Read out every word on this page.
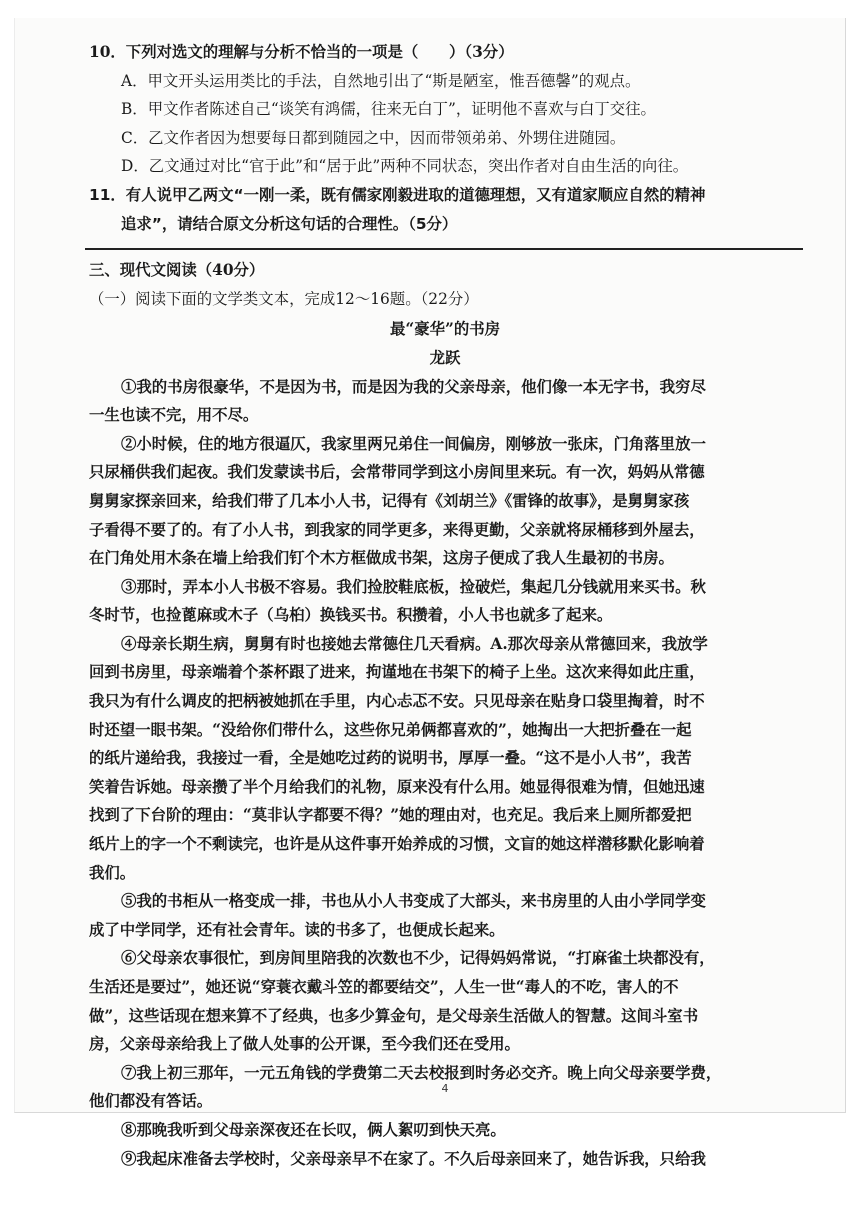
10．下列对选文的理解与分析不恰当的一项是（　　）（3分）
A．甲文开头运用类比的手法，自然地引出了“斯是陋室，惟吾德馨”的观点。
B．甲文作者陈述自己“谈笑有鸿儒，往来无白丁”，证明他不喜欢与白丁交往。
C．乙文作者因为想要每日都到随园之中，因而带领弟弟、外甥住进随园。
D．乙文通过对比“官于此”和“居于此”两种不同状态，突出作者对自由生活的向往。
11．有人说甲乙两文“一刚一柔，既有儒家刚毅进取的道德理想，又有道家顺应自然的精神
追求”，请结合原文分析这句话的合理性。（5分）
三、现代文阅读（40分）
（一）阅读下面的文学类文本，完成12～16题。（22分）
最“豪华”的书房
龙跃
①我的书房很豪华，不是因为书，而是因为我的父亲母亲，他们像一本无字书，我穷尽
一生也读不完，用不尽。
②小时候，住的地方很逼仄，我家里两兄弟住一间偏房，刚够放一张床，门角落里放一
只尿桶供我们起夜。我们发蒙读书后，会常带同学到这小房间里来玩。有一次，妈妈从常德
舅舅家探亲回来，给我们带了几本小人书，记得有《刘胡兰》《雷锋的故事》，是舅舅家孩
子看得不要了的。有了小人书，到我家的同学更多，来得更勤，父亲就将尿桶移到外屋去，
在门角处用木条在墙上给我们钉个木方框做成书架，这房子便成了我人生最初的书房。
③那时，弄本小人书极不容易。我们捡胶鞋底板，捡破烂，集起几分钱就用来买书。秋
冬时节，也捡蓖麻或木子（乌桕）换钱买书。积攒着，小人书也就多了起来。
④母亲长期生病，舅舅有时也接她去常德住几天看病。A.那次母亲从常德回来，我放学
回到书房里，母亲端着个茶杯跟了进来，拘谨地在书架下的椅子上坐。这次来得如此庄重，
我只为有什么调皮的把柄被她抓在手里，内心忐忑不安。只见母亲在贴身口袋里掏着，时不
时还望一眼书架。“没给你们带什么，这些你兄弟俩都喜欢的”，她掏出一大把折叠在一起
的纸片递给我，我接过一看，全是她吃过药的说明书，厚厚一叠。“这不是小人书”，我苦
笑着告诉她。母亲攒了半个月给我们的礼物，原来没有什么用。她显得很难为情，但她迅速
找到了下台阶的理由：“莫非认字都要不得？”她的理由对，也充足。我后来上厕所都爱把
纸片上的字一个不剩读完，也许是从这件事开始养成的习惯，文盲的她这样潜移默化影响着
我们。
⑤我的书柜从一格变成一排，书也从小人书变成了大部头，来书房里的人由小学同学变
成了中学同学，还有社会青年。读的书多了，也便成长起来。
⑥父母亲农事很忙，到房间里陪我的次数也不少，记得妈妈常说，“打麻雀土块都没有，
生活还是要过”，她还说“穿蓑衣戴斗笠的都要结交”，人生一世“毒人的不吃，害人的不
做”，这些话现在想来算不了经典，也多少算金句，是父母亲生活做人的智慧。这间斗室书
房，父亲母亲给我上了做人处事的公开课，至今我们还在受用。
⑦我上初三那年，一元五角钱的学费第二天去校报到时务必交齐。晚上向父母亲要学费，
他们都没有答话。
⑧那晚我听到父母亲深夜还在长叹，俩人絮叨到快天亮。
⑨我起床准备去学校时，父亲母亲早不在家了。不久后母亲回来了，她告诉我，只给我
4
